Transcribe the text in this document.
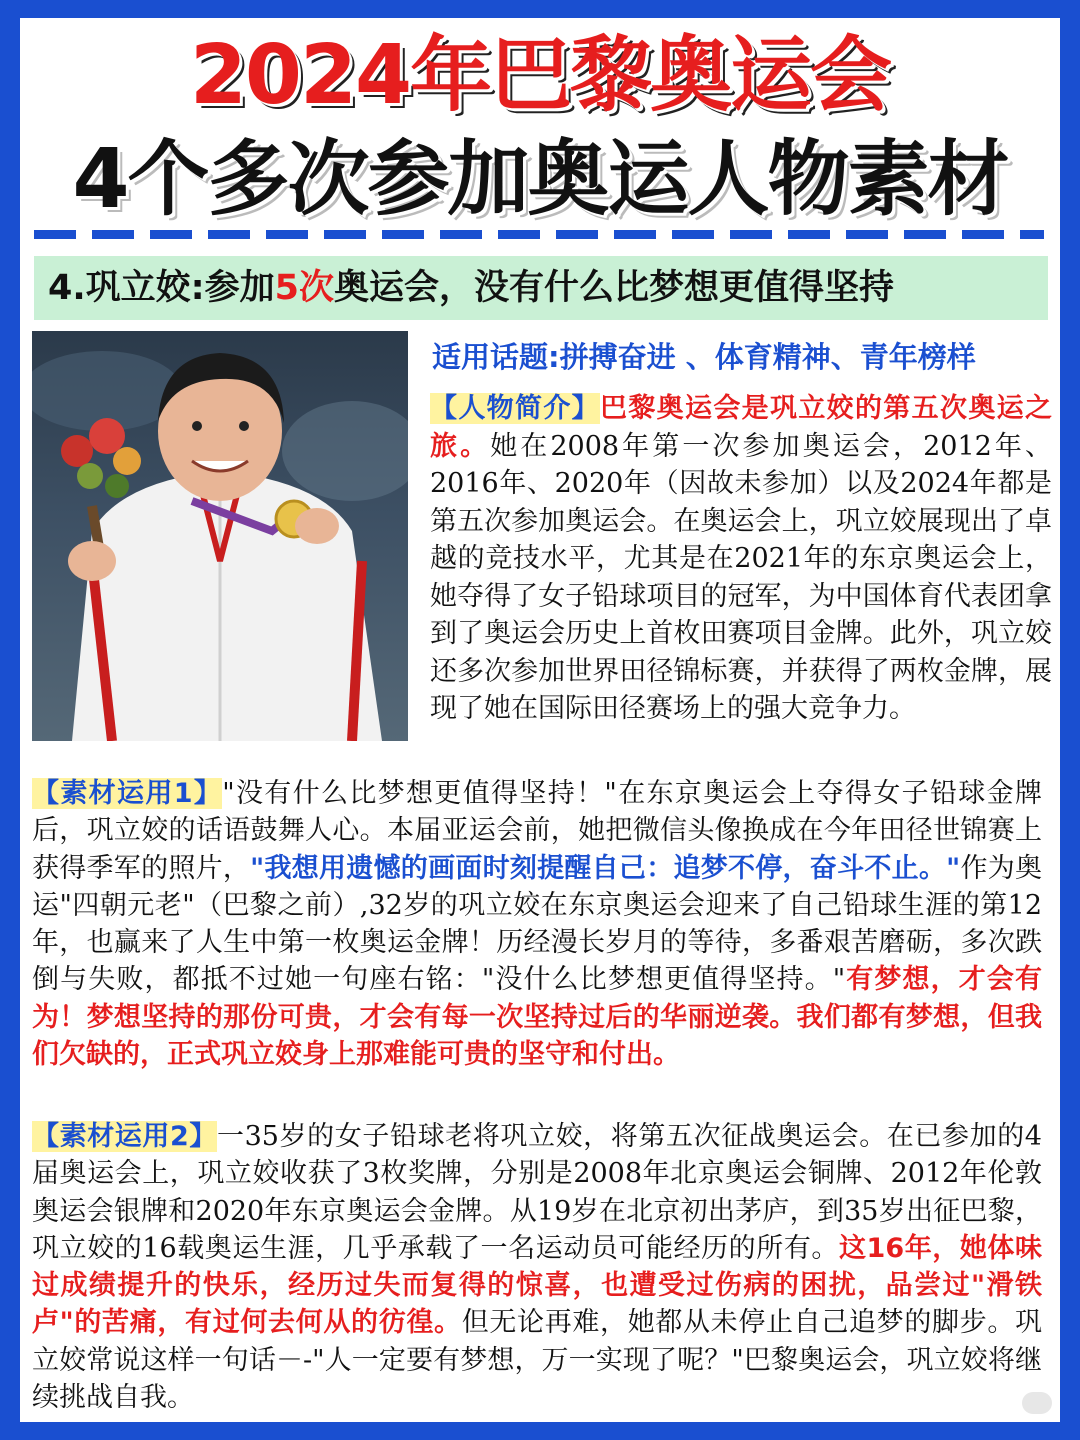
2024年巴黎奥运会
4个多次参加奥运人物素材
4.巩立姣:参加5次奥运会，没有什么比梦想更值得坚持
适用话题:拼搏奋进 、体育精神、青年榜样
【人物简介】巴黎奥运会是巩立姣的第五次奥运之旅。她在2008年第一次参加奥运会，2012年、2016年、2020年（因故未参加）以及2024年都是第五次参加奥运会。在奥运会上，巩立姣展现出了卓越的竞技水平，尤其是在2021年的东京奥运会上，她夺得了女子铅球项目的冠军，为中国体育代表团拿到了奥运会历史上首枚田赛项目金牌。此外，巩立姣还多次参加世界田径锦标赛，并获得了两枚金牌，展现了她在国际田径赛场上的强大竞争力。
【素材运用1】"没有什么比梦想更值得坚持！"在东京奥运会上夺得女子铅球金牌后，巩立姣的话语鼓舞人心。本届亚运会前，她把微信头像换成在今年田径世锦赛上获得季军的照片，"我想用遗憾的画面时刻提醒自己：追梦不停，奋斗不止。"作为奥运"四朝元老"（巴黎之前）,32岁的巩立姣在东京奥运会迎来了自己铅球生涯的第12年，也赢来了人生中第一枚奥运金牌！历经漫长岁月的等待，多番艰苦磨砺，多次跌倒与失败，都抵不过她一句座右铭："没什么比梦想更值得坚持。"有梦想，才会有为！梦想坚持的那份可贵，才会有每一次坚持过后的华丽逆袭。我们都有梦想，但我们欠缺的，正式巩立姣身上那难能可贵的坚守和付出。
【素材运用2】一35岁的女子铅球老将巩立姣，将第五次征战奥运会。在已参加的4届奥运会上，巩立姣收获了3枚奖牌，分别是2008年北京奥运会铜牌、2012年伦敦奥运会银牌和2020年东京奥运会金牌。从19岁在北京初出茅庐，到35岁出征巴黎，巩立姣的16载奥运生涯，几乎承载了一名运动员可能经历的所有。这16年，她体味过成绩提升的快乐，经历过失而复得的惊喜，也遭受过伤病的困扰，品尝过"滑铁卢"的苦痛，有过何去何从的彷徨。但无论再难，她都从未停止自己追梦的脚步。巩立姣常说这样一句话－-"人一定要有梦想，万一实现了呢？"巴黎奥运会，巩立姣将继续挑战自我。
